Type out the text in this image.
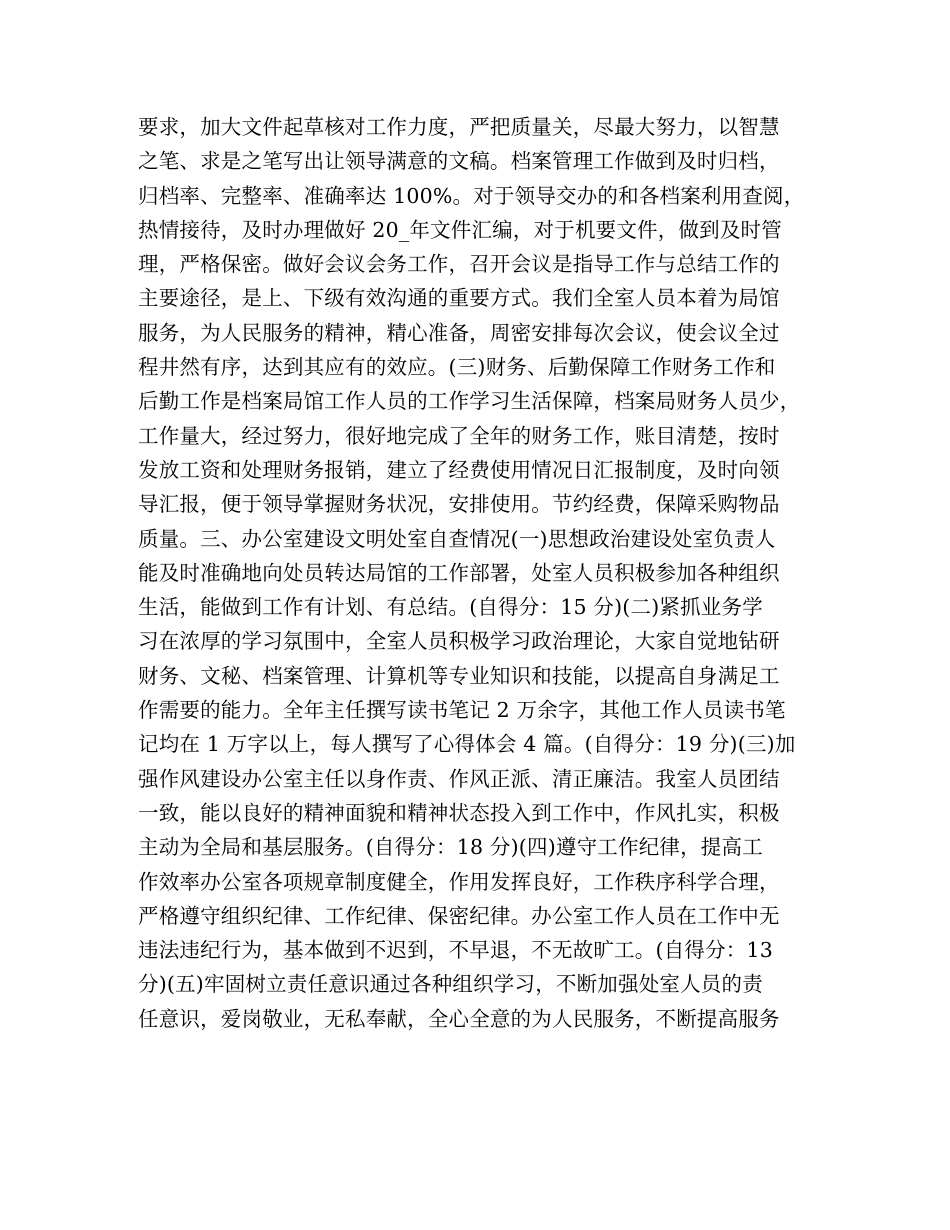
要求，加大文件起草核对工作力度，严把质量关，尽最大努力，以智慧
之笔、求是之笔写出让领导满意的文稿。档案管理工作做到及时归档，
归档率、完整率、准确率达 100%。对于领导交办的和各档案利用查阅，
热情接待，及时办理做好 20_年文件汇编，对于机要文件，做到及时管
理，严格保密。做好会议会务工作，召开会议是指导工作与总结工作的
主要途径，是上、下级有效沟通的重要方式。我们全室人员本着为局馆
服务，为人民服务的精神，精心准备，周密安排每次会议，使会议全过
程井然有序，达到其应有的效应。(三)财务、后勤保障工作财务工作和
后勤工作是档案局馆工作人员的工作学习生活保障，档案局财务人员少，
工作量大，经过努力，很好地完成了全年的财务工作，账目清楚，按时
发放工资和处理财务报销，建立了经费使用情况日汇报制度，及时向领
导汇报，便于领导掌握财务状况，安排使用。节约经费，保障采购物品
质量。三、办公室建设文明处室自查情况(一)思想政治建设处室负责人
能及时准确地向处员转达局馆的工作部署，处室人员积极参加各种组织
生活，能做到工作有计划、有总结。(自得分：15 分)(二)紧抓业务学
习在浓厚的学习氛围中，全室人员积极学习政治理论，大家自觉地钻研
财务、文秘、档案管理、计算机等专业知识和技能，以提高自身满足工
作需要的能力。全年主任撰写读书笔记 2 万余字，其他工作人员读书笔
记均在 1 万字以上，每人撰写了心得体会 4 篇。(自得分：19 分)(三)加
强作风建设办公室主任以身作责、作风正派、清正廉洁。我室人员团结
一致，能以良好的精神面貌和精神状态投入到工作中，作风扎实，积极
主动为全局和基层服务。(自得分：18 分)(四)遵守工作纪律，提高工
作效率办公室各项规章制度健全，作用发挥良好，工作秩序科学合理，
严格遵守组织纪律、工作纪律、保密纪律。办公室工作人员在工作中无
违法违纪行为，基本做到不迟到，不早退，不无故旷工。(自得分：13
分)(五)牢固树立责任意识通过各种组织学习，不断加强处室人员的责
任意识，爱岗敬业，无私奉献，全心全意的为人民服务，不断提高服务
